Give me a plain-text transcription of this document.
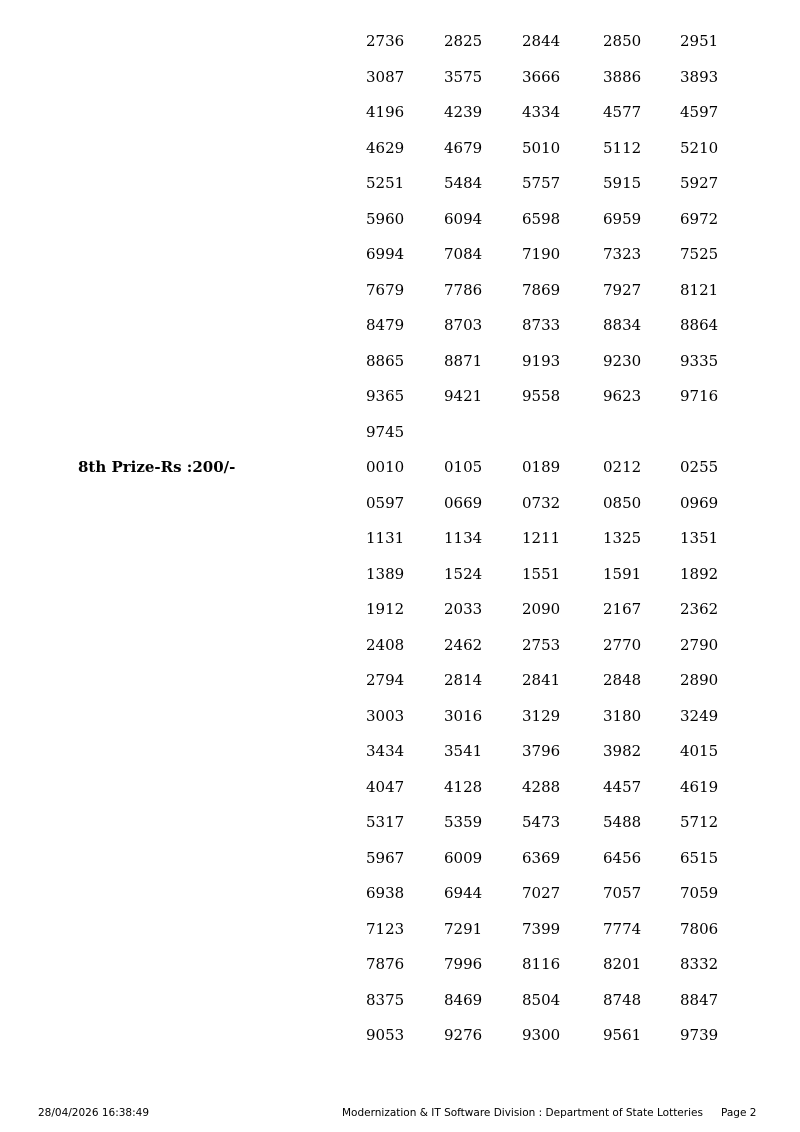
2736	2825	2844	2850	2951
3087	3575	3666	3886	3893
4196	4239	4334	4577	4597
4629	4679	5010	5112	5210
5251	5484	5757	5915	5927
5960	6094	6598	6959	6972
6994	7084	7190	7323	7525
7679	7786	7869	7927	8121
8479	8703	8733	8834	8864
8865	8871	9193	9230	9335
9365	9421	9558	9623	9716
9745
8th Prize-Rs :200/-	0010	0105	0189	0212	0255
0597	0669	0732	0850	0969
1131	1134	1211	1325	1351
1389	1524	1551	1591	1892
1912	2033	2090	2167	2362
2408	2462	2753	2770	2790
2794	2814	2841	2848	2890
3003	3016	3129	3180	3249
3434	3541	3796	3982	4015
4047	4128	4288	4457	4619
5317	5359	5473	5488	5712
5967	6009	6369	6456	6515
6938	6944	7027	7057	7059
7123	7291	7399	7774	7806
7876	7996	8116	8201	8332
8375	8469	8504	8748	8847
9053	9276	9300	9561	9739
28/04/2026 16:38:49	Modernization & IT Software Division : Department of State Lotteries Page 2
